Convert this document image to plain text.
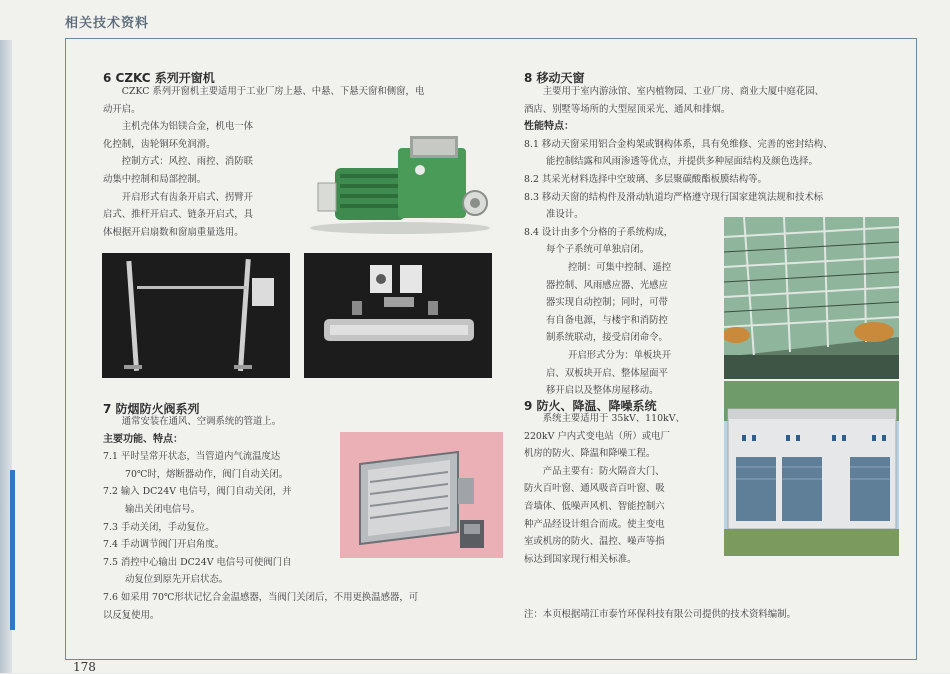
相关技术资料
6 CZKC 系列开窗机

CZKC 系列开窗机主要适用于工业厂房上悬、中悬、下悬天窗和侧窗，电

动开启。

主机壳体为铝镁合金，机电一体

化控制，齿轮铜环免润滑。

控制方式：风控、雨控、消防联

动集中控制和局部控制。

开启形式有齿条开启式、拐臂开

启式、推杆开启式、链条开启式，具

体根据开启扇数和窗扇重量选用。

7 防烟防火阀系列

通常安装在通风、空调系统的管道上。

主要功能、特点：

7.1 平时呈常开状态，当管道内气流温度达

70℃时，熔断器动作，阀门自动关闭。

7.2 输入 DC24V 电信号，阀门自动关闭，并

输出关闭电信号。

7.3 手动关闭，手动复位。

7.4 手动调节阀门开启角度。

7.5 消控中心输出 DC24V 电信号可使阀门自

动复位到原先开启状态。

7.6 如采用 70℃形状记忆合金温感器，当阀门关闭后，不用更换温感器，可

以反复使用。

8 移动天窗

主要用于室内游泳馆、室内植物园、工业厂房、商业大厦中庭花园、

酒店、别墅等场所的大型屋顶采光、通风和排烟。

性能特点：

8.1 移动天窗采用铝合金构架或钢构体系，具有免维修、完善的密封结构、

能控制结露和风雨渗透等优点，并提供多种屋面结构及颜色选择。

8.2 其采光材料选择中空玻璃、多层聚碳酸酯板膜结构等。

8.3 移动天窗的结构件及滑动轨道均严格遵守现行国家建筑法规和技术标

准设计。

8.4 设计由多个分格的子系统构成，

每个子系统可单独启闭。

控制：可集中控制、遥控

器控制、风雨感应器、光感应

器实现自动控制；同时，可带

有自备电源，与楼宇和消防控

制系统联动，接受启闭命令。

开启形式分为：单板块开

启、双板块开启、整体屋面平

移开启以及整体房屋移动。

9 防火、降温、降噪系统

系统主要适用于 35kV、110kV、

220kV 户内式变电站（所）或电厂

机房的防火、降温和降噪工程。

产品主要有：防火隔音大门、

防火百叶窗、通风吸音百叶窗、吸

音墙体、低噪声风机、智能控制六

种产品经设计组合而成。使主变电

室或机房的防火、温控、噪声等指

标达到国家现行相关标准。

注：本页根据靖江市泰竹环保科技有限公司提供的技术资料编制。
178
